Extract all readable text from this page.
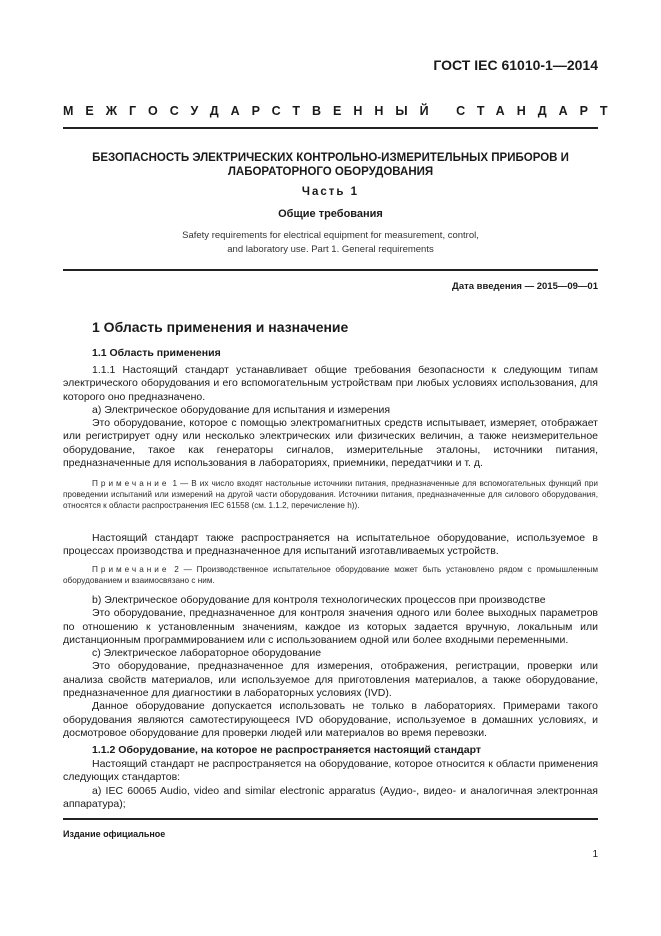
ГОСТ IEC 61010-1—2014
МЕЖГОСУДАРСТВЕННЫЙ СТАНДАРТ
БЕЗОПАСНОСТЬ ЭЛЕКТРИЧЕСКИХ КОНТРОЛЬНО-ИЗМЕРИТЕЛЬНЫХ ПРИБОРОВ И ЛАБОРАТОРНОГО ОБОРУДОВАНИЯ
Часть 1
Общие требования
Safety requirements for electrical equipment for measurement, control,
and laboratory use. Part 1. General requirements
Дата введения — 2015—09—01
1 Область применения и назначение
1.1 Область применения

1.1.1 Настоящий стандарт устанавливает общие требования безопасности к следующим типам электрического оборудования и его вспомогательным устройствам при любых условиях использования, для которого оно предназначено.

a) Электрическое оборудование для испытания и измерения

Это оборудование, которое с помощью электромагнитных средств испытывает, измеряет, отображает или регистрирует одну или несколько электрических или физических величин, а также неизмерительное оборудование, такое как генераторы сигналов, измерительные эталоны, источники питания, предназначенные для использования в лабораториях, приемники, передатчики и т. д.

Примечание 1 — В их число входят настольные источники питания, предназначенные для вспомогательных функций при проведении испытаний или измерений на другой части оборудования. Источники питания, предназначенные для силового оборудования, относятся к области распространения IEC 61558 (см. 1.1.2, перечисление h)).

Настоящий стандарт также распространяется на испытательное оборудование, используемое в процессах производства и предназначенное для испытаний изготавливаемых устройств.

Примечание 2 — Производственное испытательное оборудование может быть установлено рядом с промышленным оборудованием и взаимосвязано с ним.

b) Электрическое оборудование для контроля технологических процессов при производстве

Это оборудование, предназначенное для контроля значения одного или более выходных параметров по отношению к установленным значениям, каждое из которых задается вручную, локальным или дистанционным программированием или с использованием одной или более входными переменными.

c) Электрическое лабораторное оборудование

Это оборудование, предназначенное для измерения, отображения, регистрации, проверки или анализа свойств материалов, или используемое для приготовления материалов, а также оборудование, предназначенное для диагностики в лабораторных условиях (IVD).

Данное оборудование допускается использовать не только в лабораториях. Примерами такого оборудования являются самотестирующееся IVD оборудование, используемое в домашних условиях, и досмотровое оборудование для проверки людей или материалов во время перевозки.

1.1.2 Оборудование, на которое не распространяется настоящий стандарт

Настоящий стандарт не распространяется на оборудование, которое относится к области применения следующих стандартов:

a) IEC 60065 Audio, video and similar electronic apparatus (Аудио-, видео- и аналогичная электронная аппаратура);

Издание официальное
1
